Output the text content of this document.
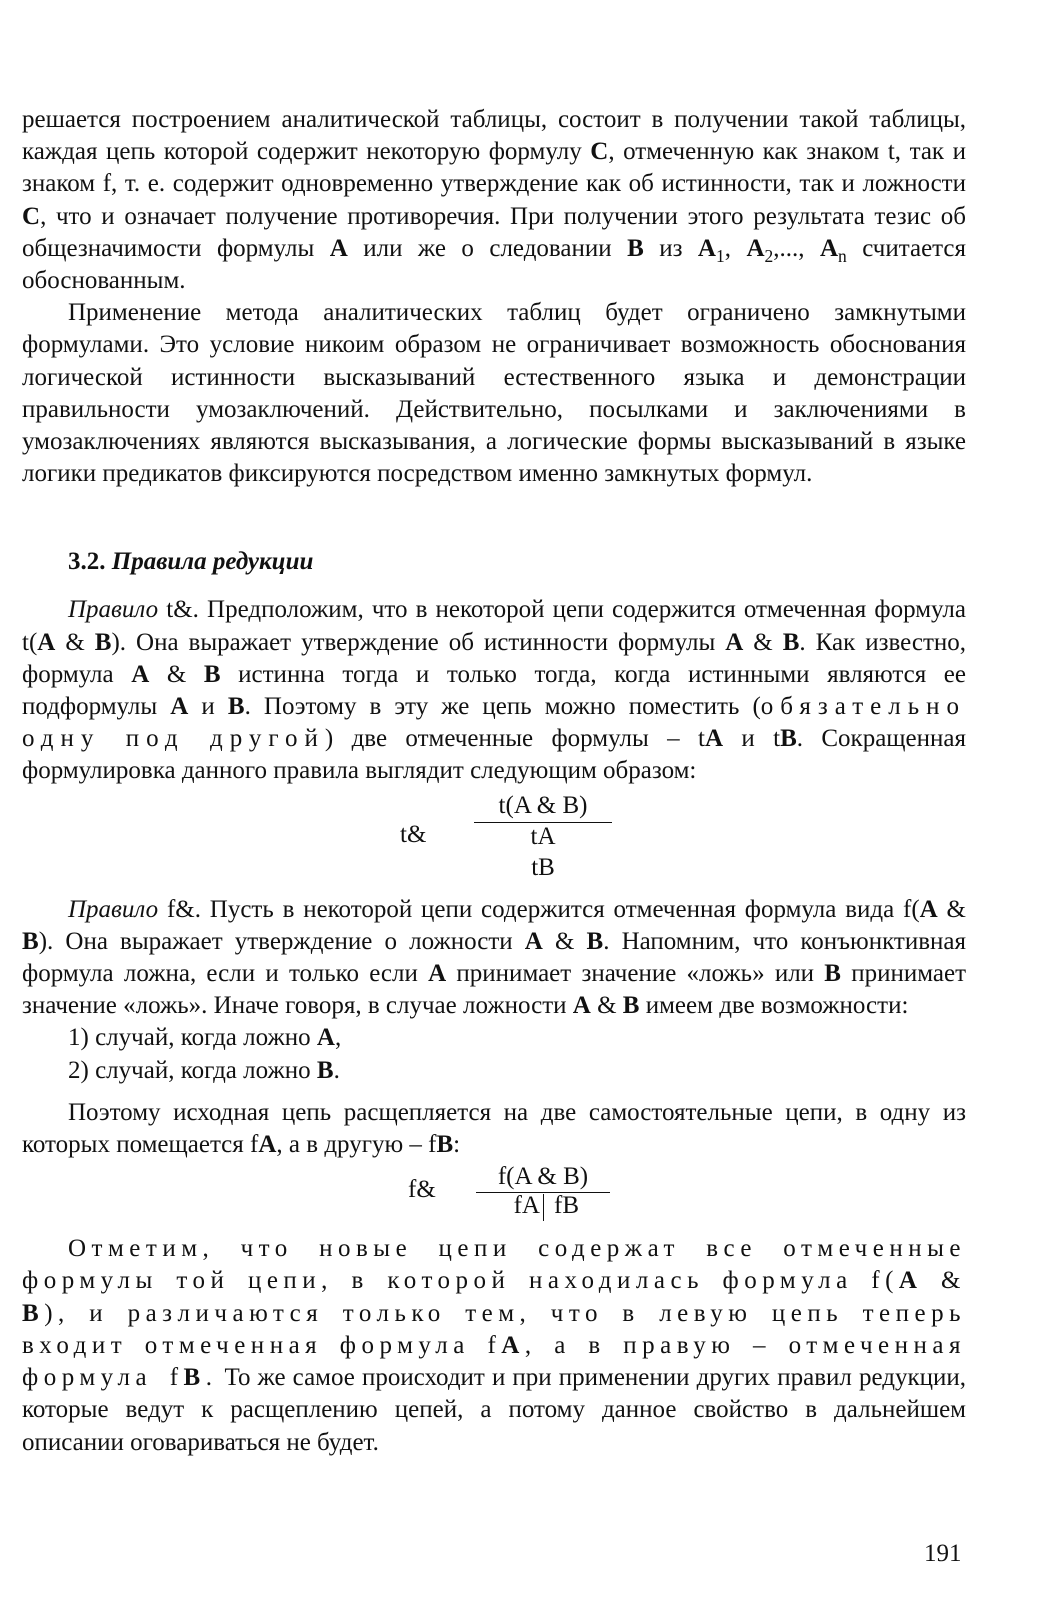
решается построением аналитической таблицы, состоит в получении такой таблицы, каждая цепь которой содержит некоторую формулу C, отмеченную как знаком t, так и знаком f, т. е. содержит одновременно утверждение как об истинности, так и ложности C, что и означает получение противоречия. При получении этого результата тезис об общезначимости формулы A или же о следовании B из $A_1$, $A_2$,..., $A_n$ считается обоснованным.

Применение метода аналитических таблиц будет ограничено замкнутыми формулами. Это условие никоим образом не ограничивает возможность обоснования логической истинности высказываний естественного языка и демонстрации правильности умозаключений. Действительно, посылками и заключениями в умозаключениях являются высказывания, а логические формы высказываний в языке логики предикатов фиксируются посредством именно замкнутых формул.

3.2. Правила редукции

Правило t&. Предположим, что в некоторой цепи содержится отмеченная формула t(A & B). Она выражает утверждение об истинности формулы A & B. Как известно, формула A & B истинна тогда и только тогда, когда истинными являются ее подформулы A и B. Поэтому в эту же цепь можно поместить (обязательно одну под другой) две отмеченные формулы – tA и tB. Сокращенная формулировка данного правила выглядит следующим образом:

t&
t(A & B)
tA
tB

Правило f&. Пусть в некоторой цепи содержится отмеченная формула вида f(A & B). Она выражает утверждение о ложности A & B. Напомним, что конъюнктивная формула ложна, если и только если A принимает значение «ложь» или B принимает значение «ложь». Иначе говоря, в случае ложности A & B имеем две возможности:

1) случай, когда ложно A,
2) случай, когда ложно B.

Поэтому исходная цепь расщепляется на две самостоятельные цепи, в одну из которых помещается fA, а в другую – fB:

f&	f(A & B)
fA fB

Отметим, что новые цепи содержат все отмеченные формулы той цепи, в которой находилась формула f(A & B), и различаются только тем, что в левую цепь теперь входит отмеченная формула fA, а в правую – отмеченная формула fB. То же самое происходит и при применении других правил редукции, которые ведут к расщеплению цепей, а потому данное свойство в дальнейшем описании оговариваться не будет.

191
